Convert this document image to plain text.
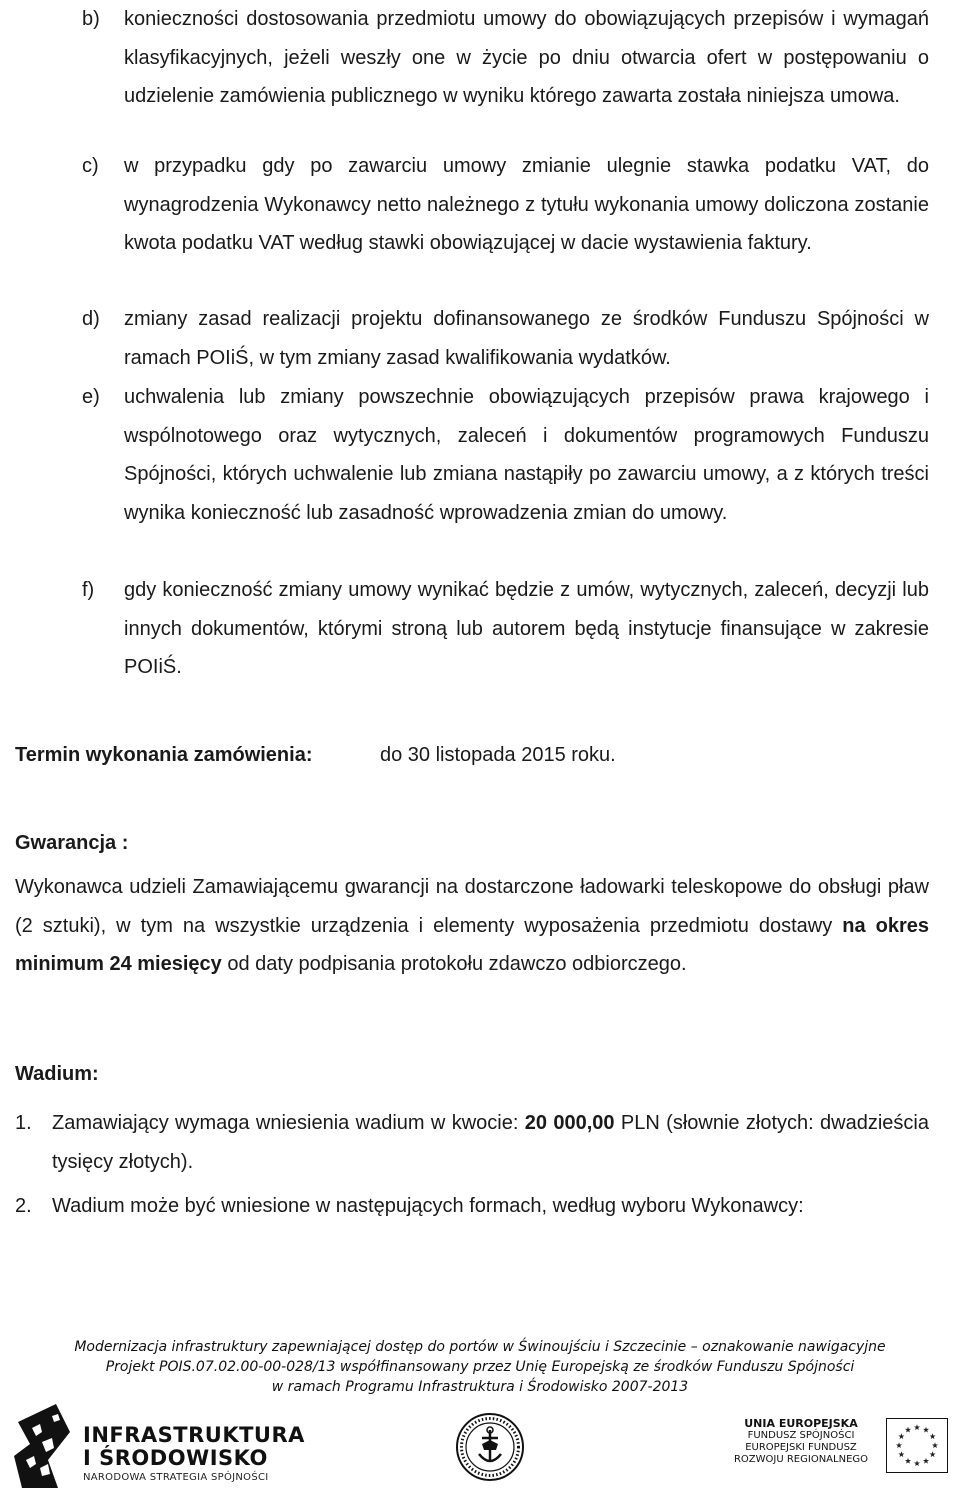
b) konieczności dostosowania przedmiotu umowy do obowiązujących przepisów i wymagań klasyfikacyjnych, jeżeli weszły one w życie po dniu otwarcia ofert w postępowaniu o udzielenie zamówienia publicznego w wyniku którego zawarta została niniejsza umowa.
c) w przypadku gdy po zawarciu umowy zmianie ulegnie stawka podatku VAT, do wynagrodzenia Wykonawcy netto należnego z tytułu wykonania umowy doliczona zostanie kwota podatku VAT według stawki obowiązującej w dacie wystawienia faktury.
d) zmiany zasad realizacji projektu dofinansowanego ze środków Funduszu Spójności w ramach POIiŚ, w tym zmiany zasad kwalifikowania wydatków.
e) uchwalenia lub zmiany powszechnie obowiązujących przepisów prawa krajowego i wspólnotowego oraz wytycznych, zaleceń i dokumentów programowych Funduszu Spójności, których uchwalenie lub zmiana nastąpiły po zawarciu umowy, a z których treści wynika konieczność lub zasadność wprowadzenia zmian do umowy.
f) gdy konieczność zmiany umowy wynikać będzie z umów, wytycznych, zaleceń, decyzji lub innych dokumentów, którymi stroną lub autorem będą instytucje finansujące w zakresie POIiŚ.
Termin wykonania zamówienia:	do 30 listopada 2015 roku.
Gwarancja :
Wykonawca udzieli Zamawiającemu gwarancji na dostarczone ładowarki teleskopowe do obsługi pław (2 sztuki), w tym na wszystkie urządzenia i elementy wyposażenia przedmiotu dostawy na okres minimum 24 miesięcy od daty podpisania protokołu zdawczo odbiorczego.
Wadium:
1. Zamawiający wymaga wniesienia wadium w kwocie: 20 000,00 PLN (słownie złotych: dwadzieścia tysięcy złotych).
2. Wadium może być wniesione w następujących formach, według wyboru Wykonawcy:
Modernizacja infrastruktury zapewniającej dostęp do portów w Świnoujściu i Szczecinie – oznakowanie nawigacyjne
Projekt POIS.07.02.00-00-028/13 współfinansowany przez Unię Europejską ze środków Funduszu Spójności
w ramach Programu Infrastruktura i Środowisko 2007-2013
INFRASTRUKTURA
I ŚRODOWISKO
NARODOWA STRATEGIA SPÓJNOŚCI
UNIA EUROPEJSKA
FUNDUSZ SPÓJNOŚCI
EUROPEJSKI FUNDUSZ
ROZWOJU REGIONALNEGO
